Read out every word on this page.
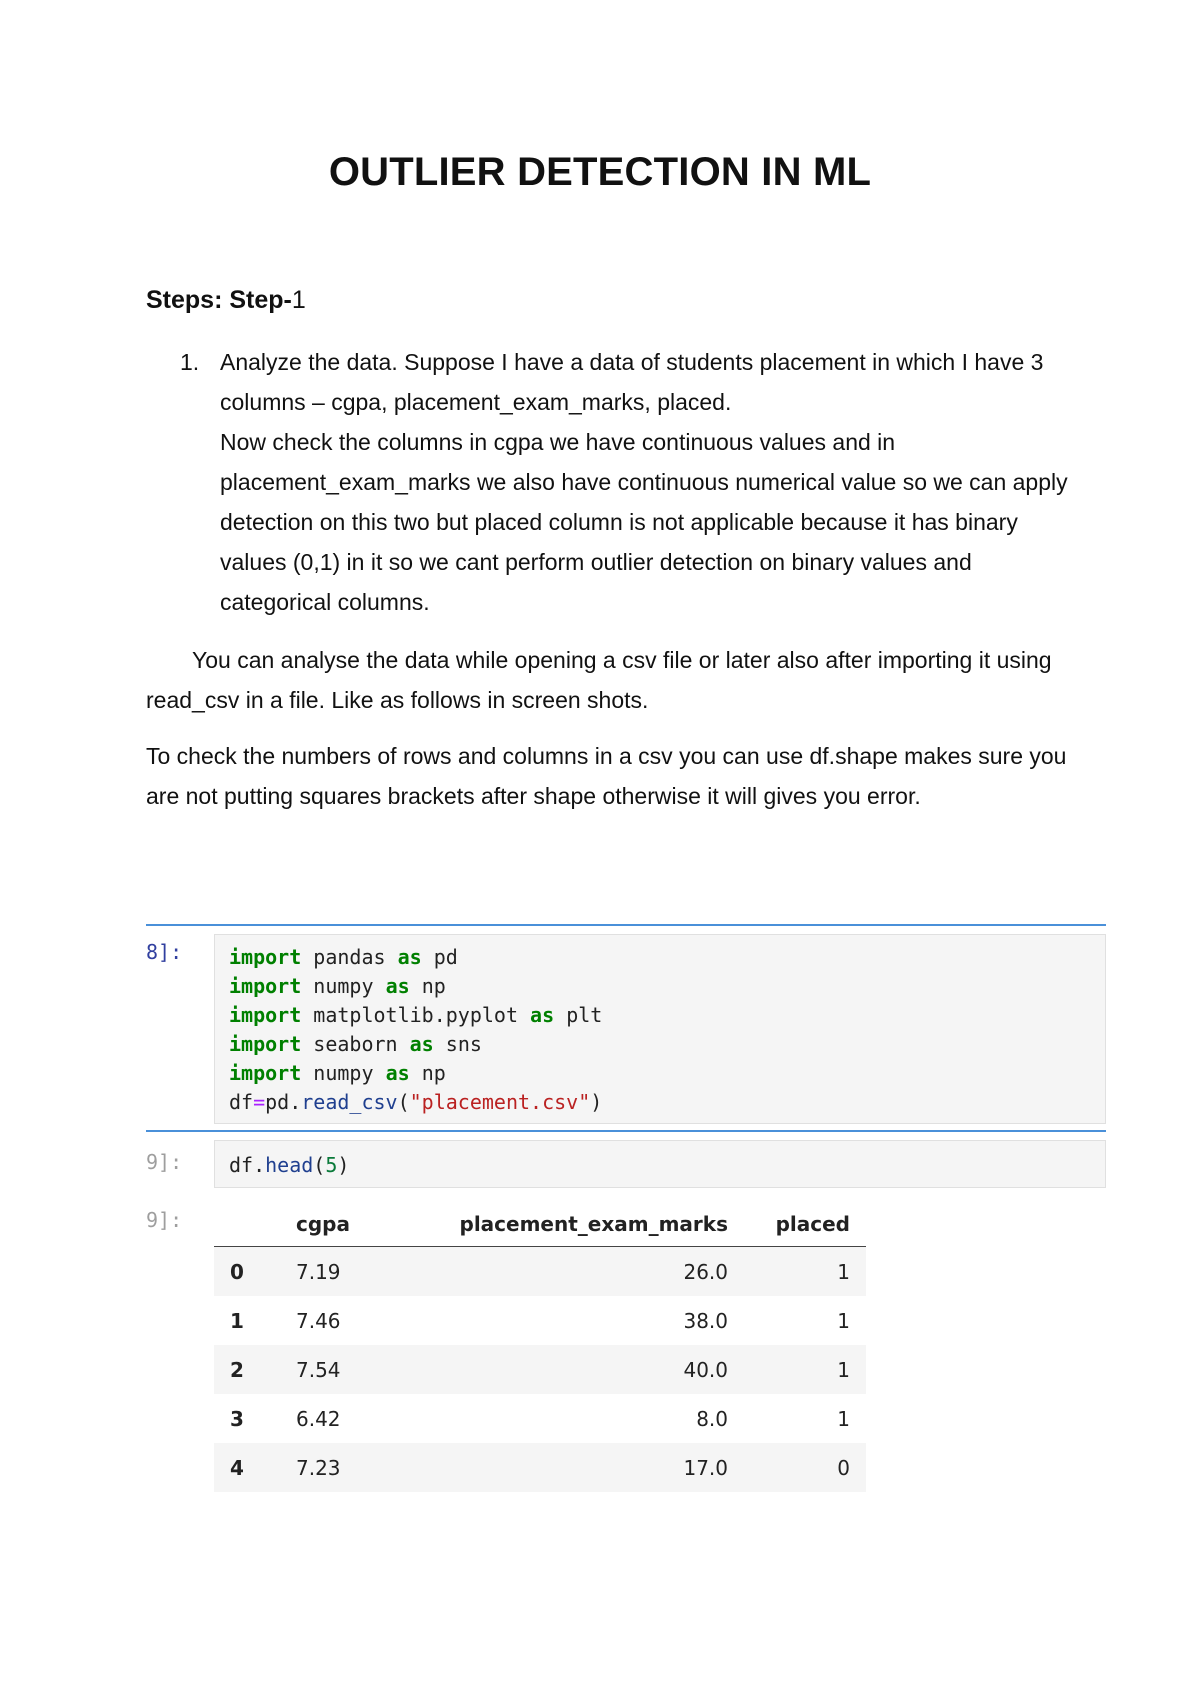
OUTLIER DETECTION IN ML

Steps: Step-1

1. Analyze the data. Suppose I have a data of students placement in which I have 3 columns – cgpa, placement_exam_marks, placed.

Now check the columns in cgpa we have continuous values and in placement_exam_marks we also have continuous numerical value so we can apply detection on this two but placed column is not applicable because it has binary values (0,1) in it so we cant perform outlier detection on binary values and categorical columns.

You can analyse the data while opening a csv file or later also after importing it using read_csv in a file. Like as follows in screen shots.

To check the numbers of rows and columns in a csv you can use df.shape makes sure you are not putting squares brackets after shape otherwise it will gives you error.

8]:	import pandas as pd
import numpy as np
import matplotlib.pyplot as plt
import seaborn as sns
import numpy as np
df=pd.read_csv("placement.csv")
9]:	df.head(5)
9]:
		cgpa	placement_exam_marks	placed
0	7.19	26.0	1
1	7.46	38.0	1
2	7.54	40.0	1
3	6.42	8.0	1
4	7.23	17.0	0
